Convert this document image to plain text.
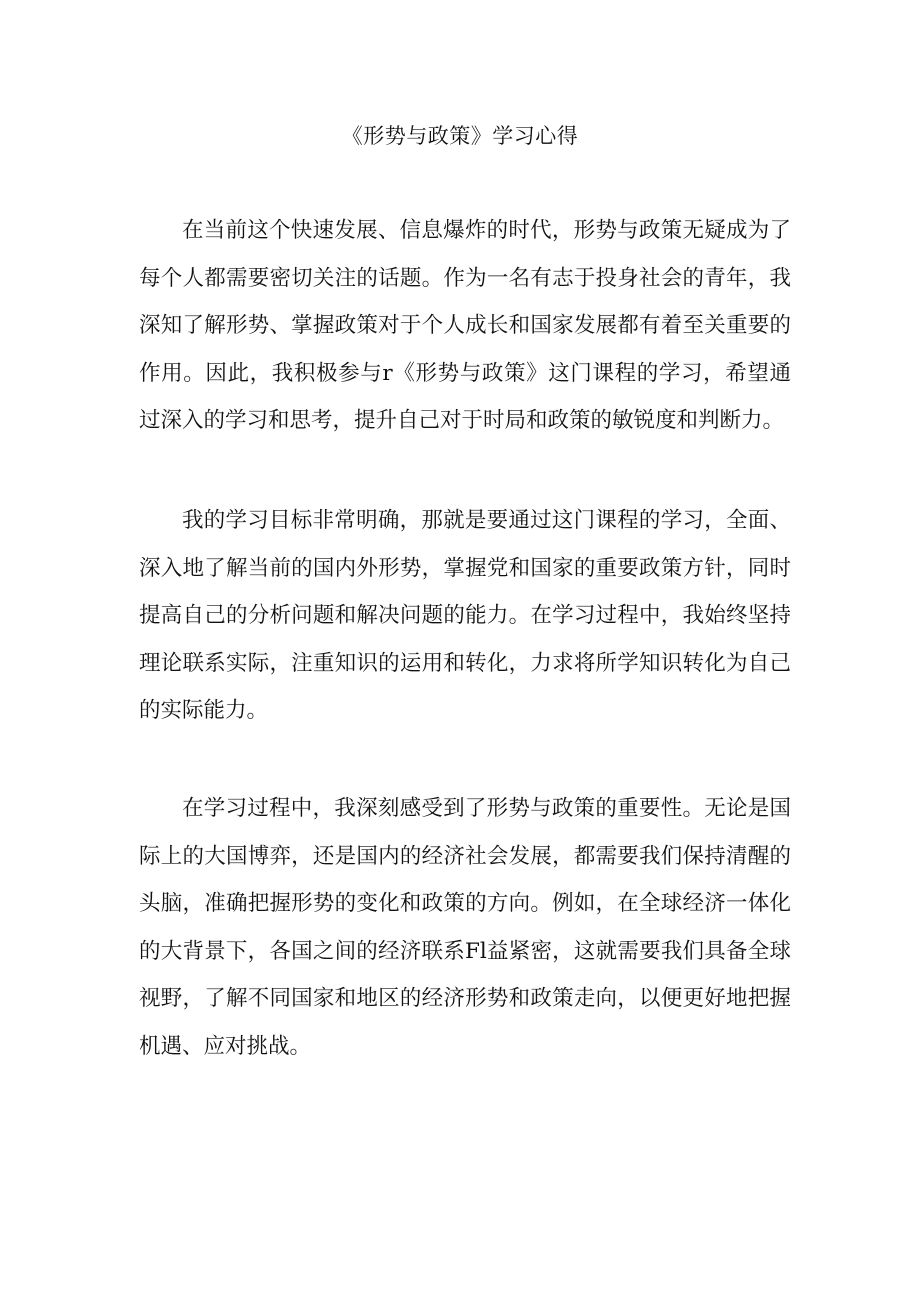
《形势与政策》学习心得

在当前这个快速发展、信息爆炸的时代，形势与政策无疑成为了每个人都需要密切关注的话题。作为一名有志于投身社会的青年，我深知了解形势、掌握政策对于个人成长和国家发展都有着至关重要的作用。因此，我积极参与r《形势与政策》这门课程的学习，希望通过深入的学习和思考，提升自己对于时局和政策的敏锐度和判断力。

我的学习目标非常明确，那就是要通过这门课程的学习，全面、深入地了解当前的国内外形势，掌握党和国家的重要政策方针，同时提高自己的分析问题和解决问题的能力。在学习过程中，我始终坚持理论联系实际，注重知识的运用和转化，力求将所学知识转化为自己的实际能力。

在学习过程中，我深刻感受到了形势与政策的重要性。无论是国际上的大国博弈，还是国内的经济社会发展，都需要我们保持清醒的头脑，准确把握形势的变化和政策的方向。例如，在全球经济一体化的大背景下，各国之间的经济联系Fl益紧密，这就需要我们具备全球视野，了解不同国家和地区的经济形势和政策走向，以便更好地把握机遇、应对挑战。
